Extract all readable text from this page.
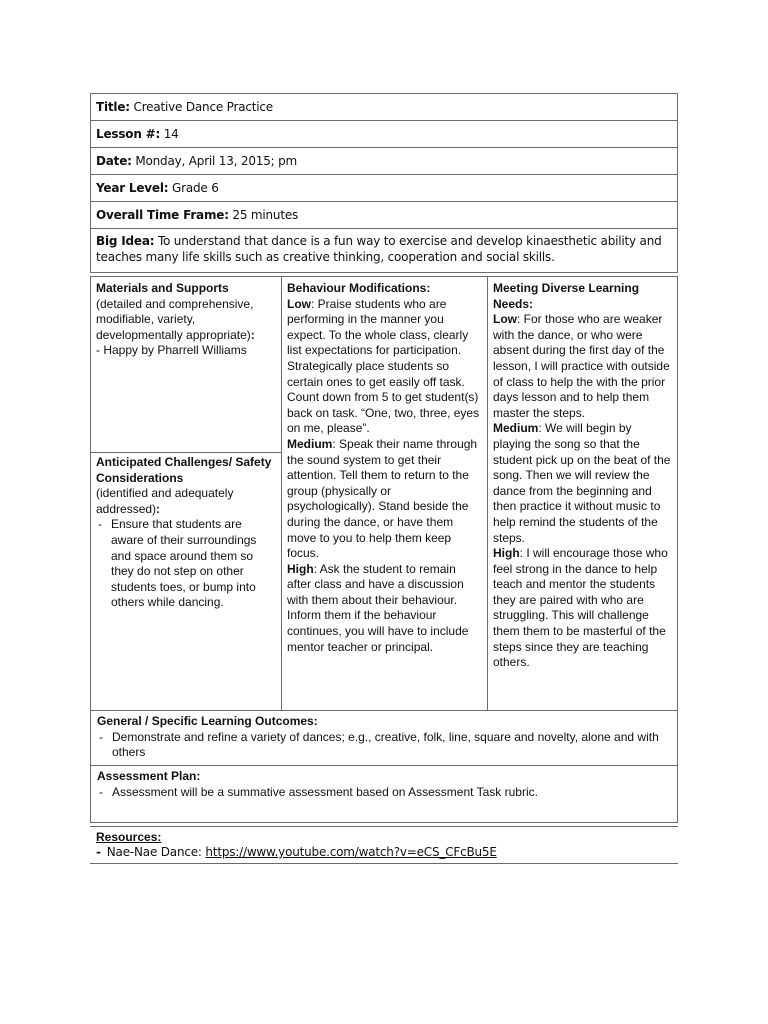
Title: Creative Dance Practice
Lesson #: 14
Date: Monday, April 13, 2015; pm
Year Level: Grade 6
Overall Time Frame: 25 minutes
Big Idea: To understand that dance is a fun way to exercise and develop kinaesthetic ability and teaches many life skills such as creative thinking, cooperation and social skills.
Materials and Supports
(detailed and comprehensive, modifiable, variety, developmentally appropriate):
- Happy by Pharrell Williams
Anticipated Challenges/ Safety Considerations
(identified and adequately addressed):
- Ensure that students are aware of their surroundings and space around them so they do not step on other students toes, or bump into others while dancing.
Behaviour Modifications:
Low: Praise students who are performing in the manner you expect. To the whole class, clearly list expectations for participation. Strategically place students so certain ones to get easily off task. Count down from 5 to get student(s) back on task. “One, two, three, eyes on me, please”.
Medium: Speak their name through the sound system to get their attention. Tell them to return to the group (physically or psychologically). Stand beside the during the dance, or have them move to you to help them keep focus.
High: Ask the student to remain after class and have a discussion with them about their behaviour. Inform them if the behaviour continues, you will have to include mentor teacher or principal.
Meeting Diverse Learning Needs:
Low: For those who are weaker with the dance, or who were absent during the first day of the lesson, I will practice with outside of class to help the with the prior days lesson and to help them master the steps.
Medium: We will begin by playing the song so that the student pick up on the beat of the song. Then we will review the dance from the beginning and then practice it without music to help remind the students of the steps.
High: I will encourage those who feel strong in the dance to help teach and mentor the students they are paired with who are struggling. This will challenge them them to be masterful of the steps since they are teaching others.
General / Specific Learning Outcomes:
- Demonstrate and refine a variety of dances; e.g., creative, folk, line, square and novelty, alone and with others
Assessment Plan:
- Assessment will be a summative assessment based on Assessment Task rubric.
Resources:
- Nae-Nae Dance: https://www.youtube.com/watch?v=eCS_CFcBu5E
